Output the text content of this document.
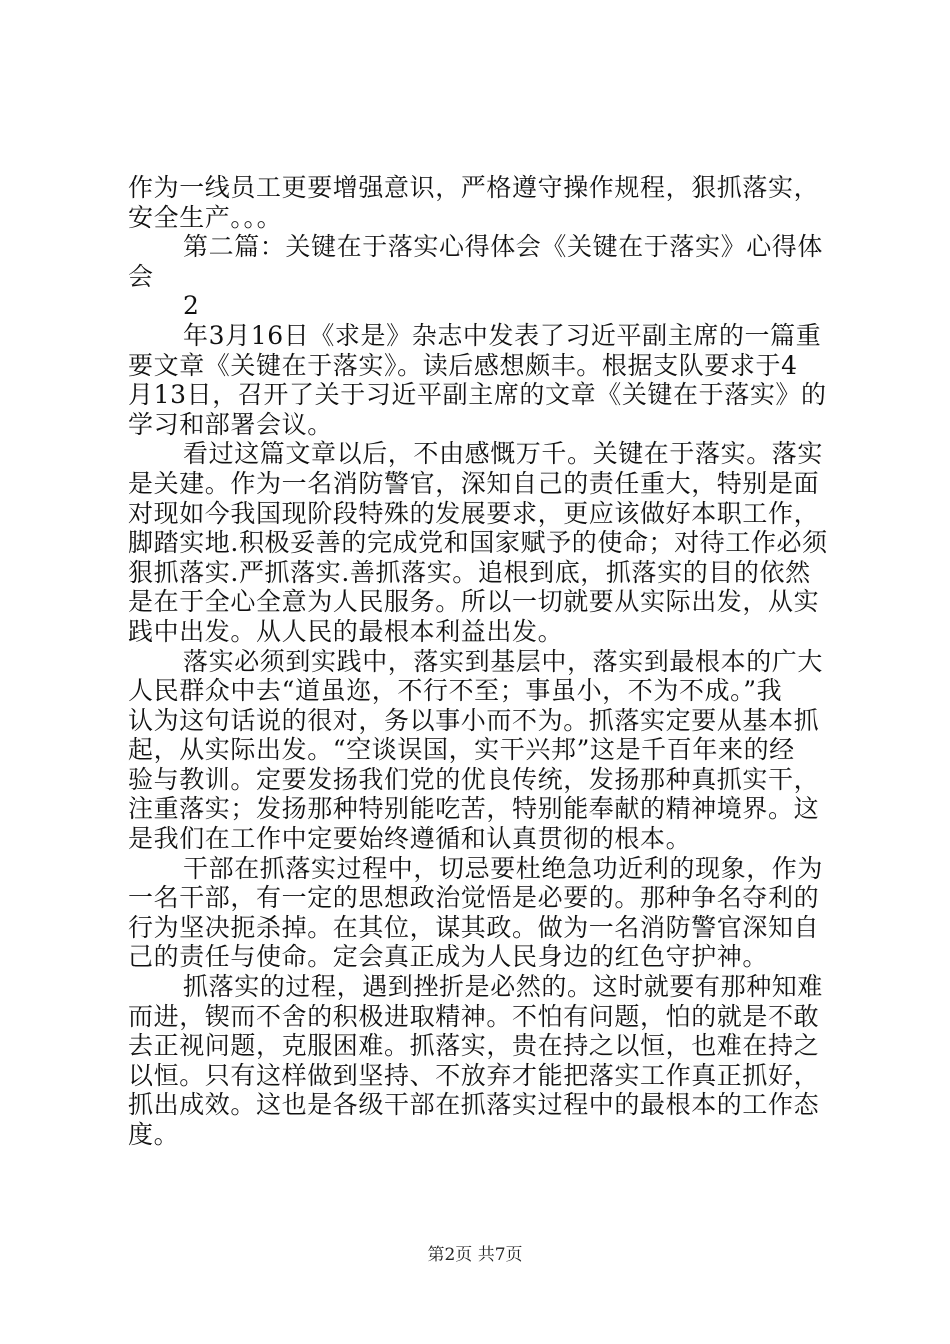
作为一线员工更要增强意识，严格遵守操作规程，狠抓落实，
安全生产。。。
第二篇：关键在于落实心得体会《关键在于落实》心得体
会
2
年3月16日《求是》杂志中发表了习近平副主席的一篇重
要文章《关键在于落实》。读后感想颇丰。根据支队要求于4
月13日，召开了关于习近平副主席的文章《关键在于落实》的
学习和部署会议。
看过这篇文章以后，不由感慨万千。关键在于落实。落实
是关建。作为一名消防警官，深知自己的责任重大，特别是面
对现如今我国现阶段特殊的发展要求，更应该做好本职工作，
脚踏实地.积极妥善的完成党和国家赋予的使命；对待工作必须
狠抓落实.严抓落实.善抓落实。追根到底，抓落实的目的依然
是在于全心全意为人民服务。所以一切就要从实际出发，从实
践中出发。从人民的最根本利益出发。
落实必须到实践中，落实到基层中，落实到最根本的广大
人民群众中去“道虽迩，不行不至；事虽小，不为不成。”我
认为这句话说的很对，务以事小而不为。抓落实定要从基本抓
起，从实际出发。“空谈误国，实干兴邦”这是千百年来的经
验与教训。定要发扬我们党的优良传统，发扬那种真抓实干，
注重落实；发扬那种特别能吃苦，特别能奉献的精神境界。这
是我们在工作中定要始终遵循和认真贯彻的根本。
干部在抓落实过程中，切忌要杜绝急功近利的现象，作为
一名干部，有一定的思想政治觉悟是必要的。那种争名夺利的
行为坚决扼杀掉。在其位，谋其政。做为一名消防警官深知自
己的责任与使命。定会真正成为人民身边的红色守护神。
抓落实的过程，遇到挫折是必然的。这时就要有那种知难
而进，锲而不舍的积极进取精神。不怕有问题，怕的就是不敢
去正视问题，克服困难。抓落实，贵在持之以恒，也难在持之
以恒。只有这样做到坚持、不放弃才能把落实工作真正抓好，
抓出成效。这也是各级干部在抓落实过程中的最根本的工作态
度。
第2页 共7页
